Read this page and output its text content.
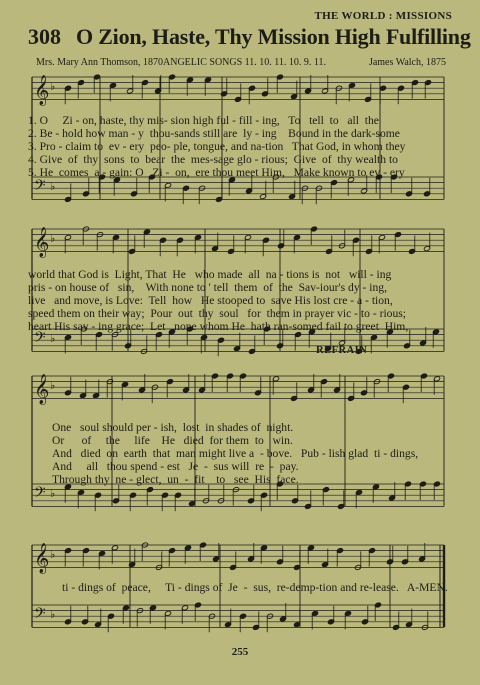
THE WORLD : MISSIONS
308 O Zion, Haste, Thy Mission High Fulfilling
Mrs. Mary Ann Thomson, 1870 ANGELIC SONGS 11. 10. 11. 10. 9. 11.	James Walch, 1875
𝄞 ♭
𝄢 ♭
𝄞 ♭
𝄢 ♭
𝄞 ♭
𝄢 ♭
𝄞 ♭
𝄢 ♭
1. O     Zi - on, haste, thy mis- sion high ful - fill - ing,   To   tell  to   all  the
2. Be - hold how man - y  thou-sands still are  ly - ing    Bound in the dark-some
3. Pro - claim to  ev - ery  peo- ple, tongue, and na-tion   That God, in whom they
4. Give  of  thy  sons  to  bear  the  mes-sage glo - rious;  Give  of  thy wealth to
5. He  comes  a - gain: O   Zi -  on,  ere thou meet Him,   Make known to ev - ery
world that God is  Light, That  He   who made  all  na - tions is  not   will - ing
pris - on house of   sin,    With none to ' tell  them  of  the  Sav-iour's dy - ing,
live   and move, is Love:  Tell  how   He stooped to  save His lost cre - a - tion,
speed them on their way;  Pour  out  thy  soul   for  them in prayer vic - to - rious;
heart His sav - ing grace;  Let   none whom He  hath ran-somed fail to greet  Him,
REFRAIN
One   soul should per - ish,  lost  in shades of  night.
Or      of     the     life    He   died  for them  to   win.
And   died  on  earth  that  man might live a  - bove.   Pub - lish glad  ti - dings,
And     all   thou spend - est   Je  -  sus will  re  -  pay.
Through thy  ne - glect,  un  -  fit    to   see  His  face.
ti - dings of  peace,     Ti - dings of  Je  -  sus,  re-demp-tion and re-lease.   A-MEN.
255
